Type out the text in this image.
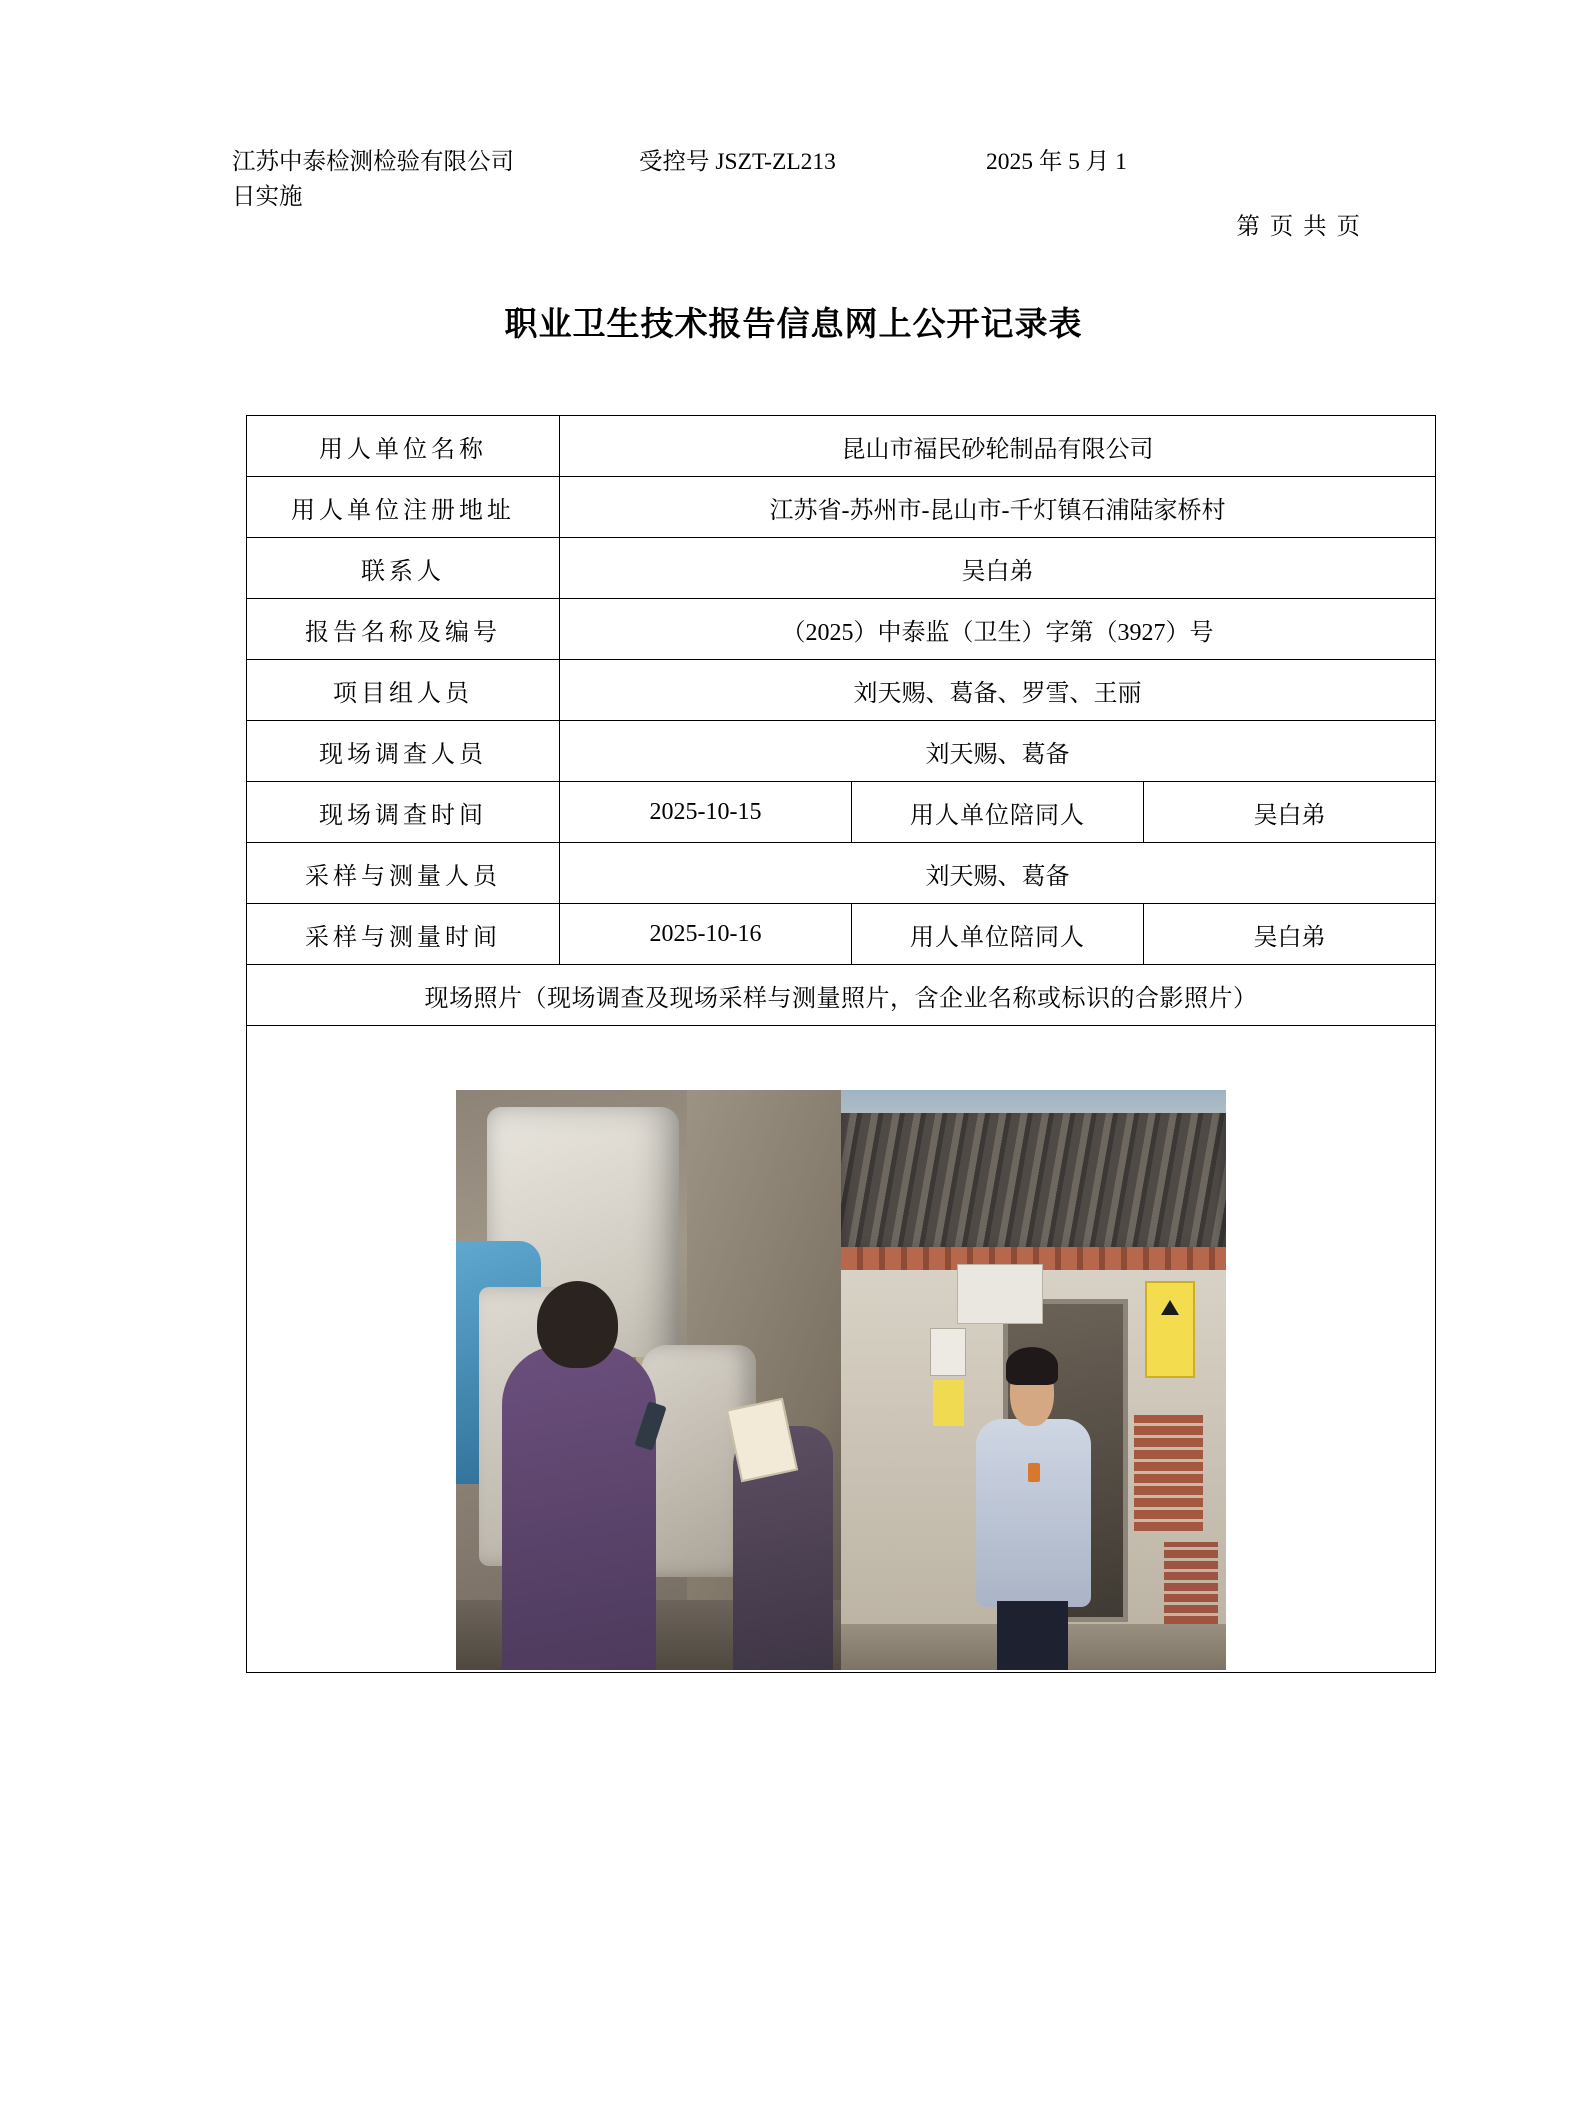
江苏中泰检测检验有限公司	受控号 JSZT-ZL213	2025 年 5 月 1
日实施
第 页 共 页
职业卫生技术报告信息网上公开记录表
用人单位名称	昆山市福民砂轮制品有限公司		
用人单位注册地址	江苏省-苏州市-昆山市-千灯镇石浦陆家桥村		
联系人	吴白弟		
报告名称及编号	（2025）中泰监（卫生）字第（3927）号		
项目组人员	刘天赐、葛备、罗雪、王丽		
现场调查人员	刘天赐、葛备		
现场调查时间	2025-10-15	用人单位陪同人	吴白弟
采样与测量人员	刘天赐、葛备		
采样与测量时间	2025-10-16	用人单位陪同人	吴白弟
现场照片（现场调查及现场采样与测量照片，含企业名称或标识的合影照片）			
